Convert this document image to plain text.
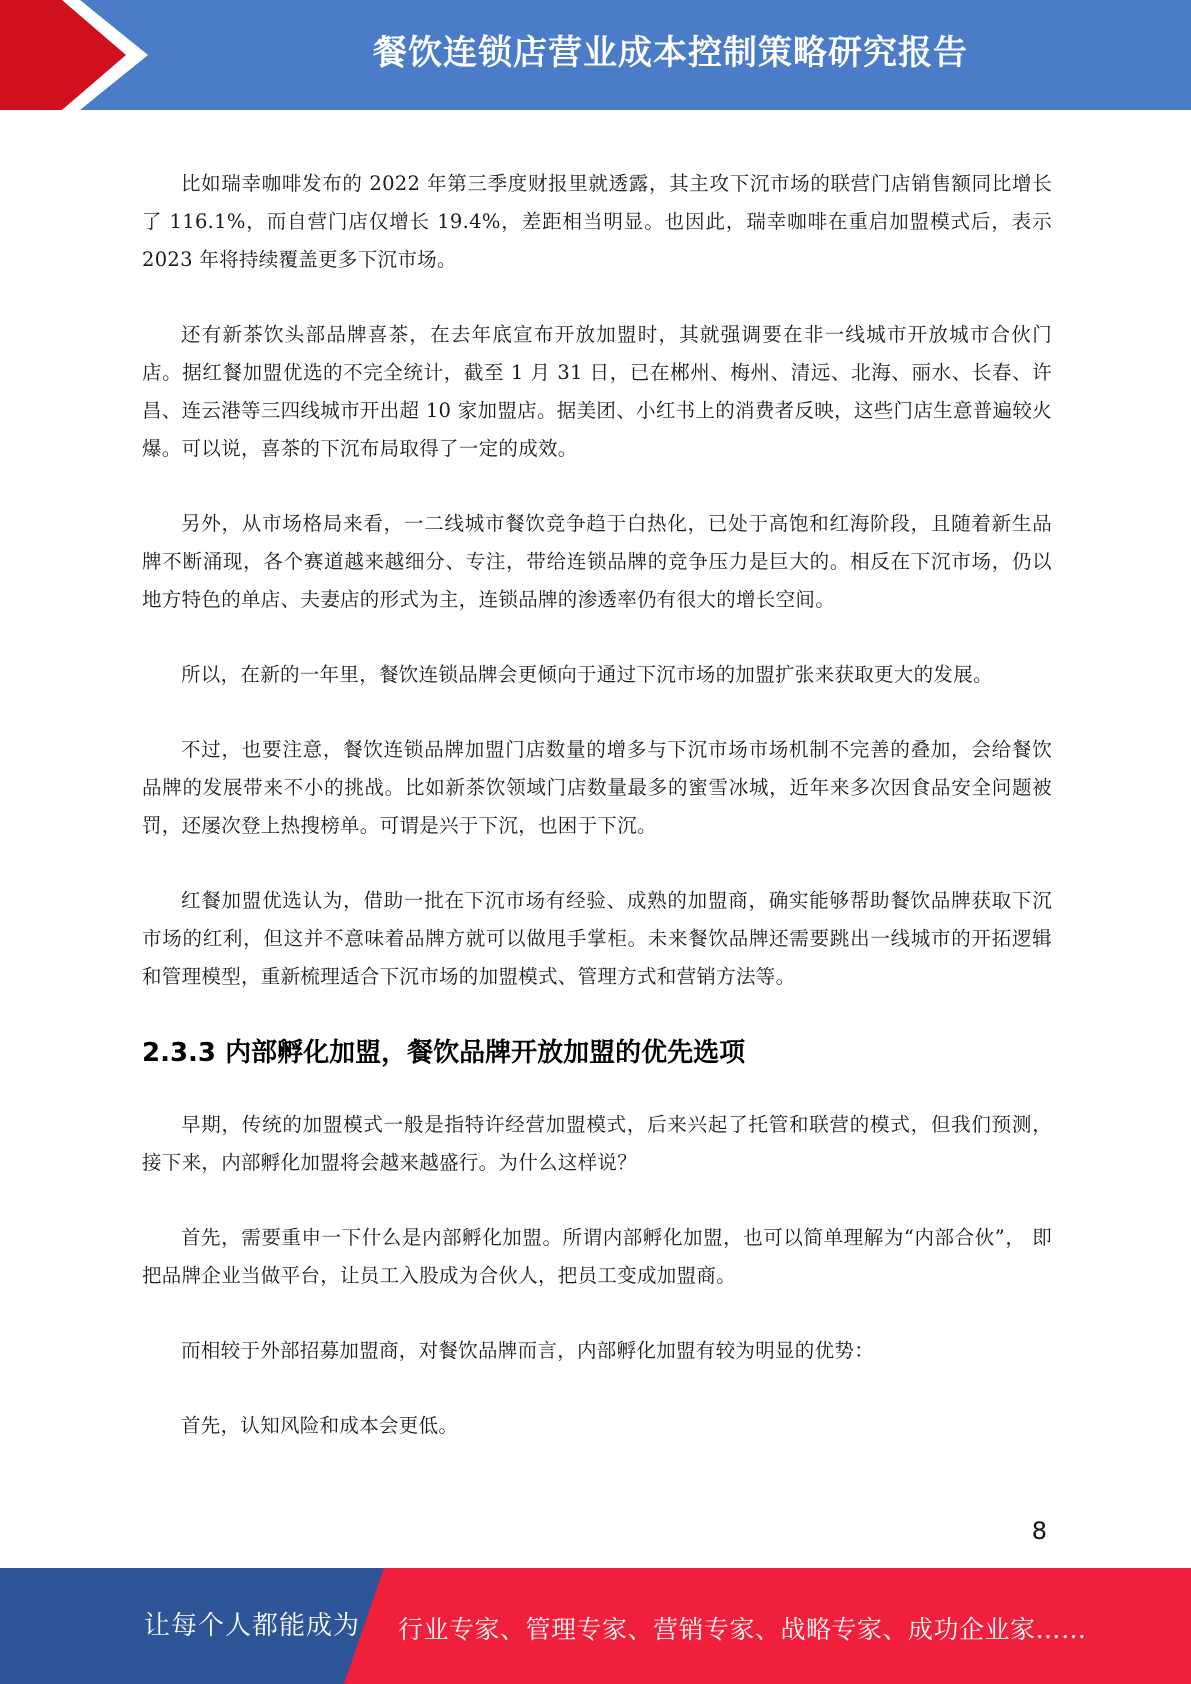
餐饮连锁店营业成本控制策略研究报告

比如瑞幸咖啡发布的 2022 年第三季度财报里就透露，其主攻下沉市场的联营门店销售额同比增长了 116.1%，而自营门店仅增长 19.4%，差距相当明显。也因此，瑞幸咖啡在重启加盟模式后，表示 2023 年将持续覆盖更多下沉市场。

还有新茶饮头部品牌喜茶，在去年底宣布开放加盟时，其就强调要在非一线城市开放城市合伙门店。据红餐加盟优选的不完全统计，截至 1 月 31 日，已在郴州、梅州、清远、北海、丽水、长春、许昌、连云港等三四线城市开出超 10 家加盟店。据美团、小红书上的消费者反映，这些门店生意普遍较火爆。可以说，喜茶的下沉布局取得了一定的成效。

另外，从市场格局来看，一二线城市餐饮竞争趋于白热化，已处于高饱和红海阶段，且随着新生品牌不断涌现，各个赛道越来越细分、专注，带给连锁品牌的竞争压力是巨大的。相反在下沉市场，仍以地方特色的单店、夫妻店的形式为主，连锁品牌的渗透率仍有很大的增长空间。

所以，在新的一年里，餐饮连锁品牌会更倾向于通过下沉市场的加盟扩张来获取更大的发展。

不过，也要注意，餐饮连锁品牌加盟门店数量的增多与下沉市场市场机制不完善的叠加，会给餐饮品牌的发展带来不小的挑战。比如新茶饮领域门店数量最多的蜜雪冰城，近年来多次因食品安全问题被罚，还屡次登上热搜榜单。可谓是兴于下沉，也困于下沉。

红餐加盟优选认为，借助一批在下沉市场有经验、成熟的加盟商，确实能够帮助餐饮品牌获取下沉市场的红利，但这并不意味着品牌方就可以做甩手掌柜。未来餐饮品牌还需要跳出一线城市的开拓逻辑和管理模型，重新梳理适合下沉市场的加盟模式、管理方式和营销方法等。

2.3.3 内部孵化加盟，餐饮品牌开放加盟的优先选项

早期，传统的加盟模式一般是指特许经营加盟模式，后来兴起了托管和联营的模式，但我们预测，接下来，内部孵化加盟将会越来越盛行。为什么这样说？

首先，需要重申一下什么是内部孵化加盟。所谓内部孵化加盟，也可以简单理解为“内部合伙”， 即把品牌企业当做平台，让员工入股成为合伙人，把员工变成加盟商。

而相较于外部招募加盟商，对餐饮品牌而言，内部孵化加盟有较为明显的优势：

首先，认知风险和成本会更低。

8
让每个人都能成为 行业专家、管理专家、营销专家、战略专家、成功企业家……
